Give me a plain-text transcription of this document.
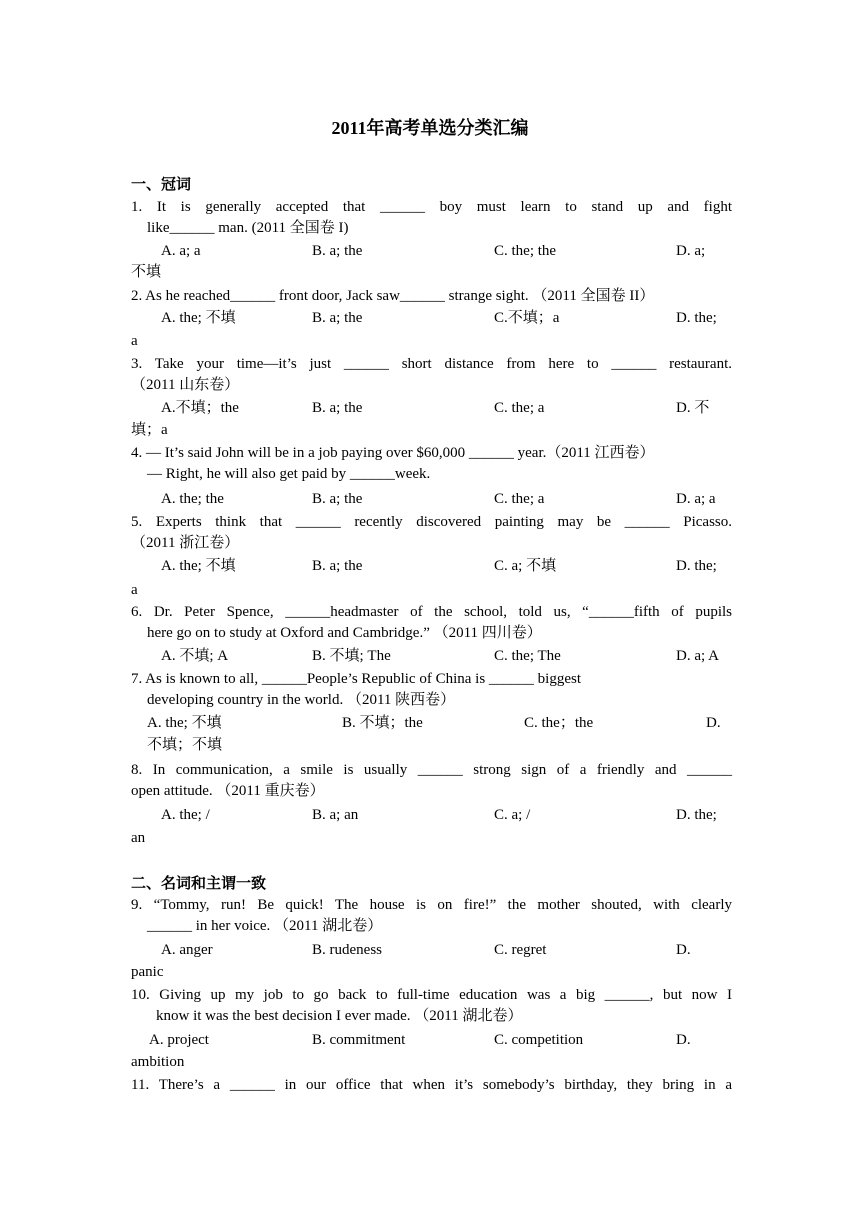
2011年高考单选分类汇编
一、冠词
1. It is generally accepted that ______ boy must learn to stand up and fight
like______ man. (2011 全国卷 I)
A. a; a	B. a; the	C. the; the	D. a;
不填
2. As he reached______ front door, Jack saw______ strange sight. （2011 全国卷 II）
A. the; 不填	B. a; the	C.不填；a	D. the;
a
3. Take your time—it’s just ______ short distance from here to ______ restaurant.
（2011 山东卷）
A.不填；the	B. a; the	C. the; a	D. 不
填；a
4. — It’s said John will be in a job paying over $60,000 ______ year.（2011 江西卷）
— Right, he will also get paid by ______week.
A. the; the	B. a; the	C. the; a	D. a; a
5. Experts think that ______ recently discovered painting may be ______ Picasso.
（2011 浙江卷）
A. the; 不填	B. a; the	C. a; 不填	D. the;
a
6. Dr. Peter Spence, ______headmaster of the school, told us, “______fifth of pupils
here go on to study at Oxford and Cambridge.” （2011 四川卷）
A. 不填; A	B. 不填; The	C. the; The	D. a; A
7. As is known to all, ______People’s Republic of China is ______ biggest
developing country in the world. （2011 陕西卷）
A. the; 不填	B. 不填；the	C. the；the	D.
不填；不填
8. In communication, a smile is usually ______ strong sign of a friendly and ______
open attitude. （2011 重庆卷）
A. the; /	B. a; an	C. a; /	D. the;
an
二、名词和主谓一致
9. “Tommy, run! Be quick! The house is on fire!” the mother shouted, with clearly
______ in her voice. （2011 湖北卷）
A. anger	B. rudeness	C. regret	D.
panic
10. Giving up my job to go back to full-time education was a big ______, but now I
know it was the best decision I ever made. （2011 湖北卷）
A. project	B. commitment	C. competition	D.
ambition
11. There’s a ______ in our office that when it’s somebody’s birthday, they bring in a
